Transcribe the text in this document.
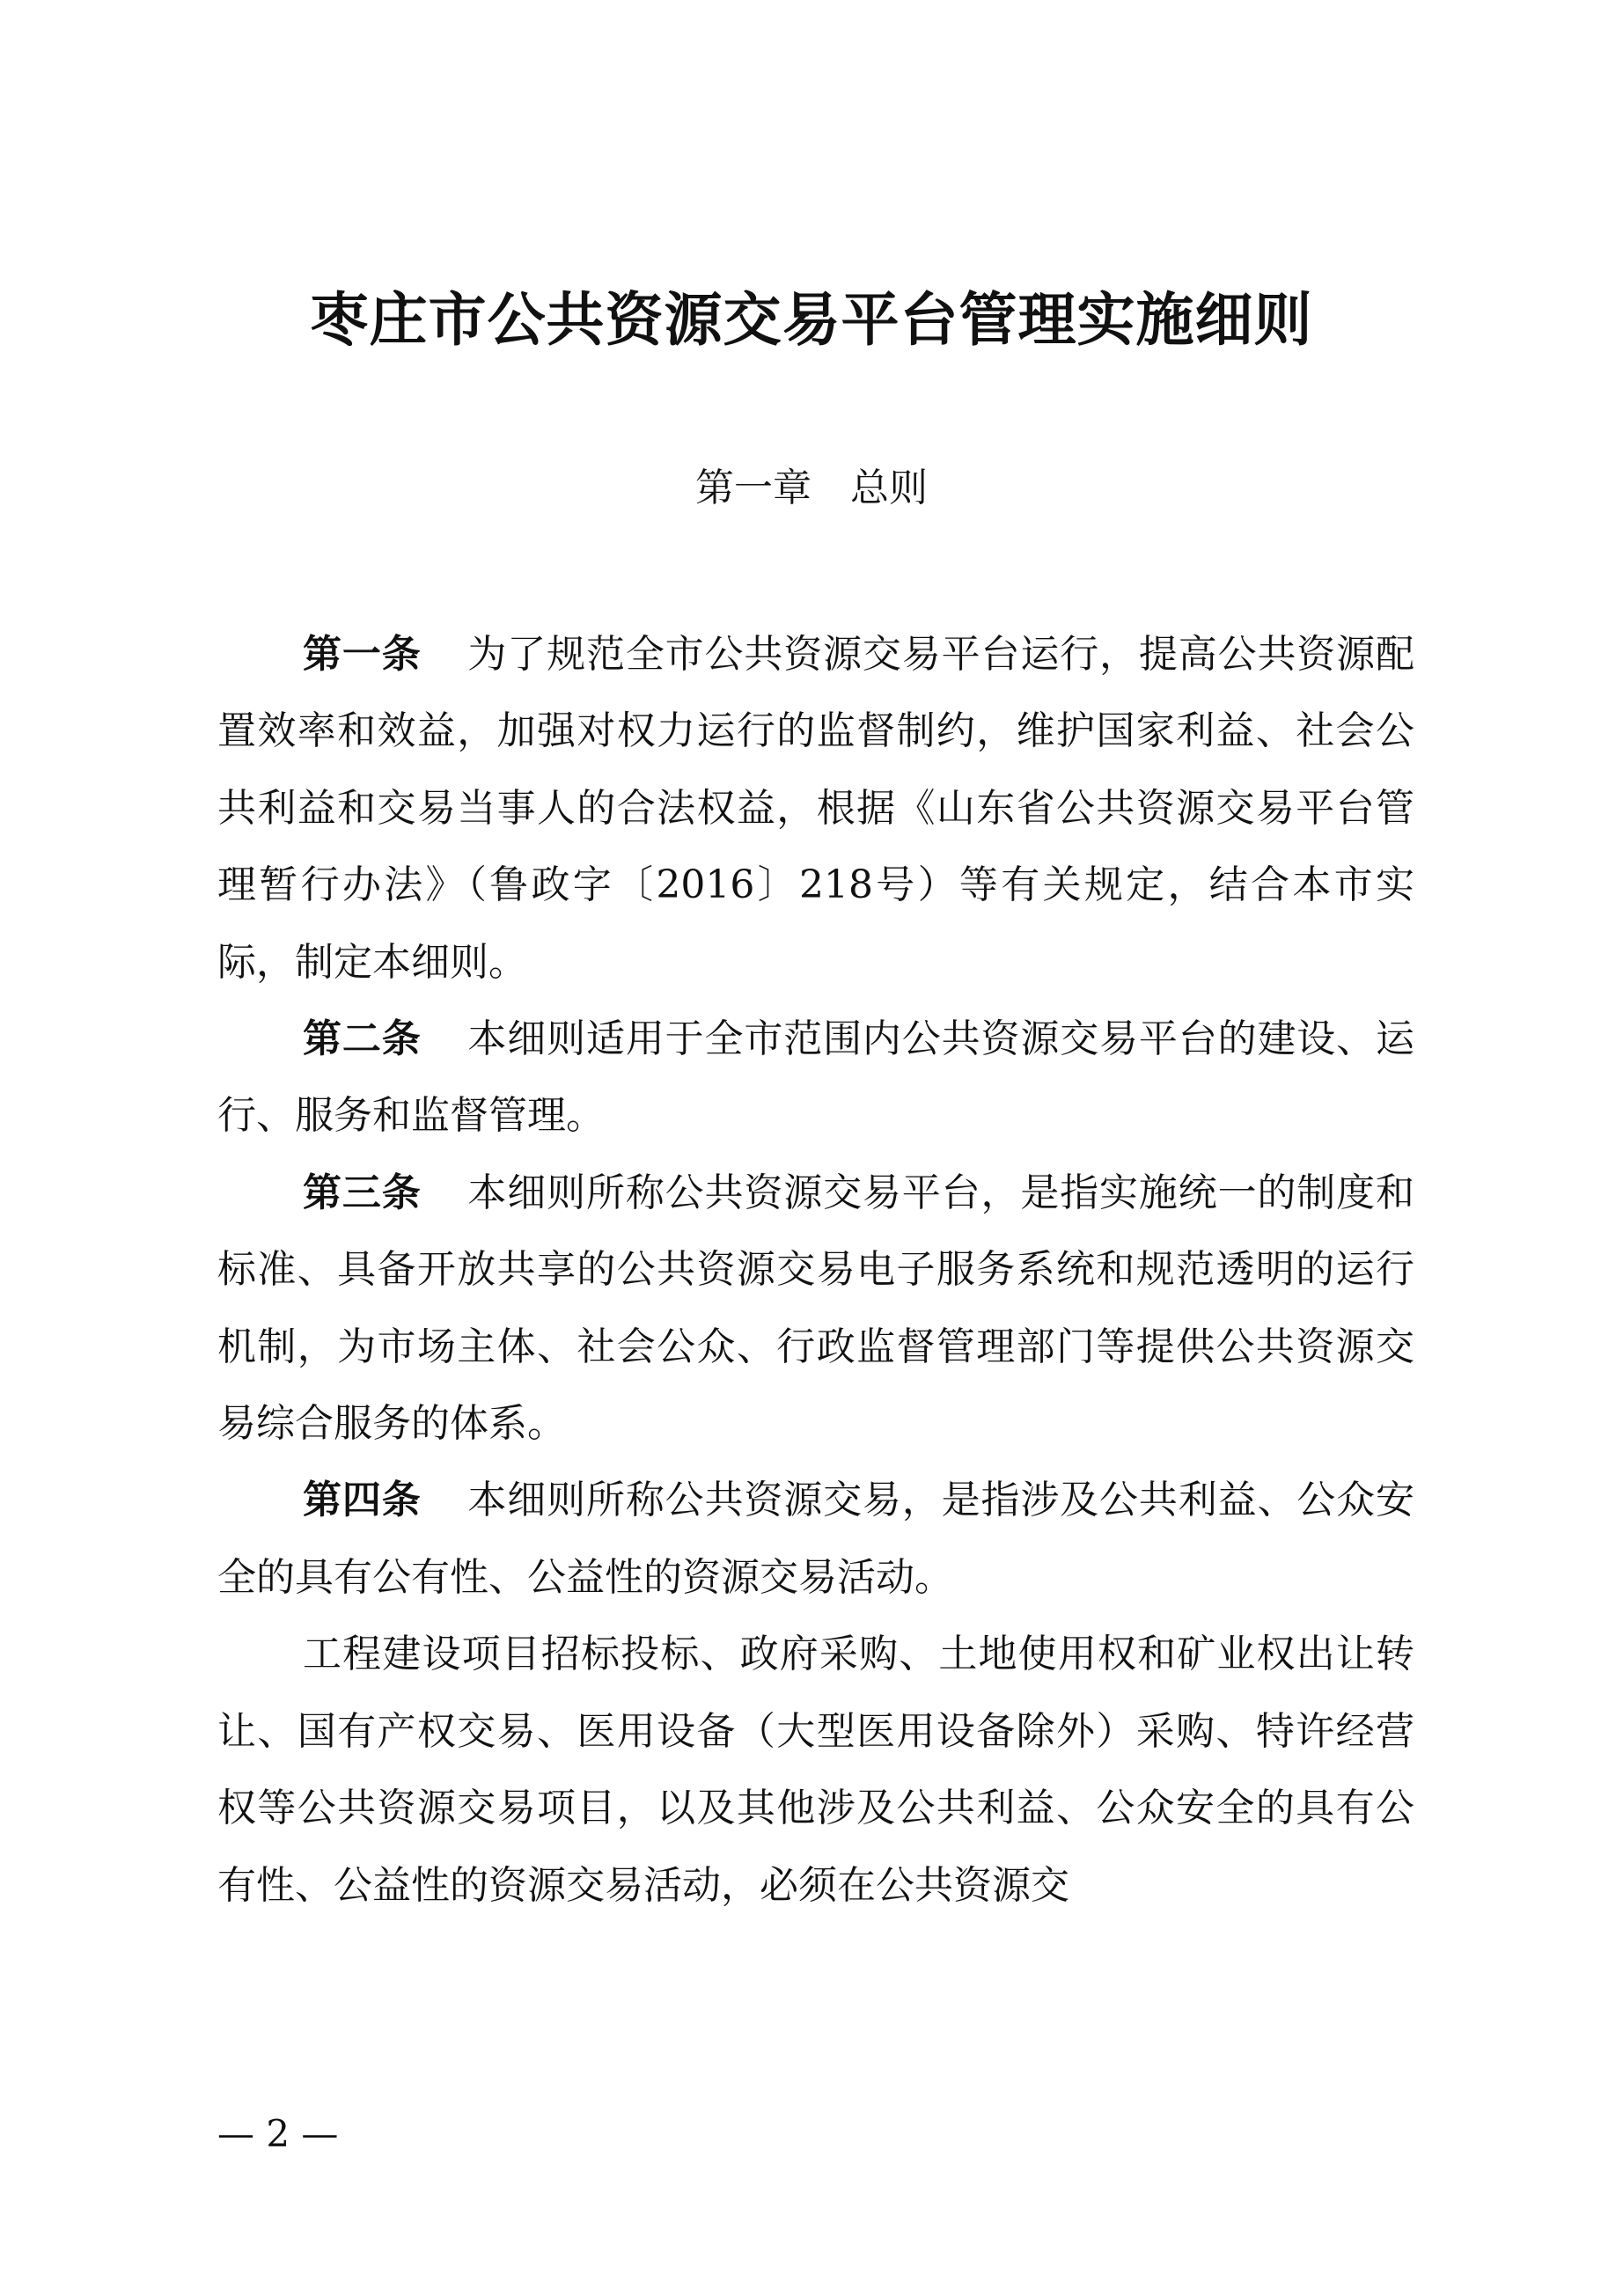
枣庄市公共资源交易平台管理实施细则
第一章　总则

第一条 为了规范全市公共资源交易平台运行，提高公共资源配置效率和效益，加强对权力运行的监督制约，维护国家利益、社会公共利益和交易当事人的合法权益，根据《山东省公共资源交易平台管理暂行办法》（鲁政字〔2016〕218号）等有关规定，结合本市实际，制定本细则。

第二条 本细则适用于全市范围内公共资源交易平台的建设、运行、服务和监督管理。

第三条 本细则所称公共资源交易平台，是指实施统一的制度和标准、具备开放共享的公共资源交易电子服务系统和规范透明的运行机制，为市场主体、社会公众、行政监督管理部门等提供公共资源交易综合服务的体系。

第四条 本细则所称公共资源交易，是指涉及公共利益、公众安全的具有公有性、公益性的资源交易活动。

工程建设项目招标投标、政府采购、土地使用权和矿业权出让转让、国有产权交易、医用设备（大型医用设备除外）采购、特许经营权等公共资源交易项目，以及其他涉及公共利益、公众安全的具有公有性、公益性的资源交易活动，必须在公共资源交

— 2 —
